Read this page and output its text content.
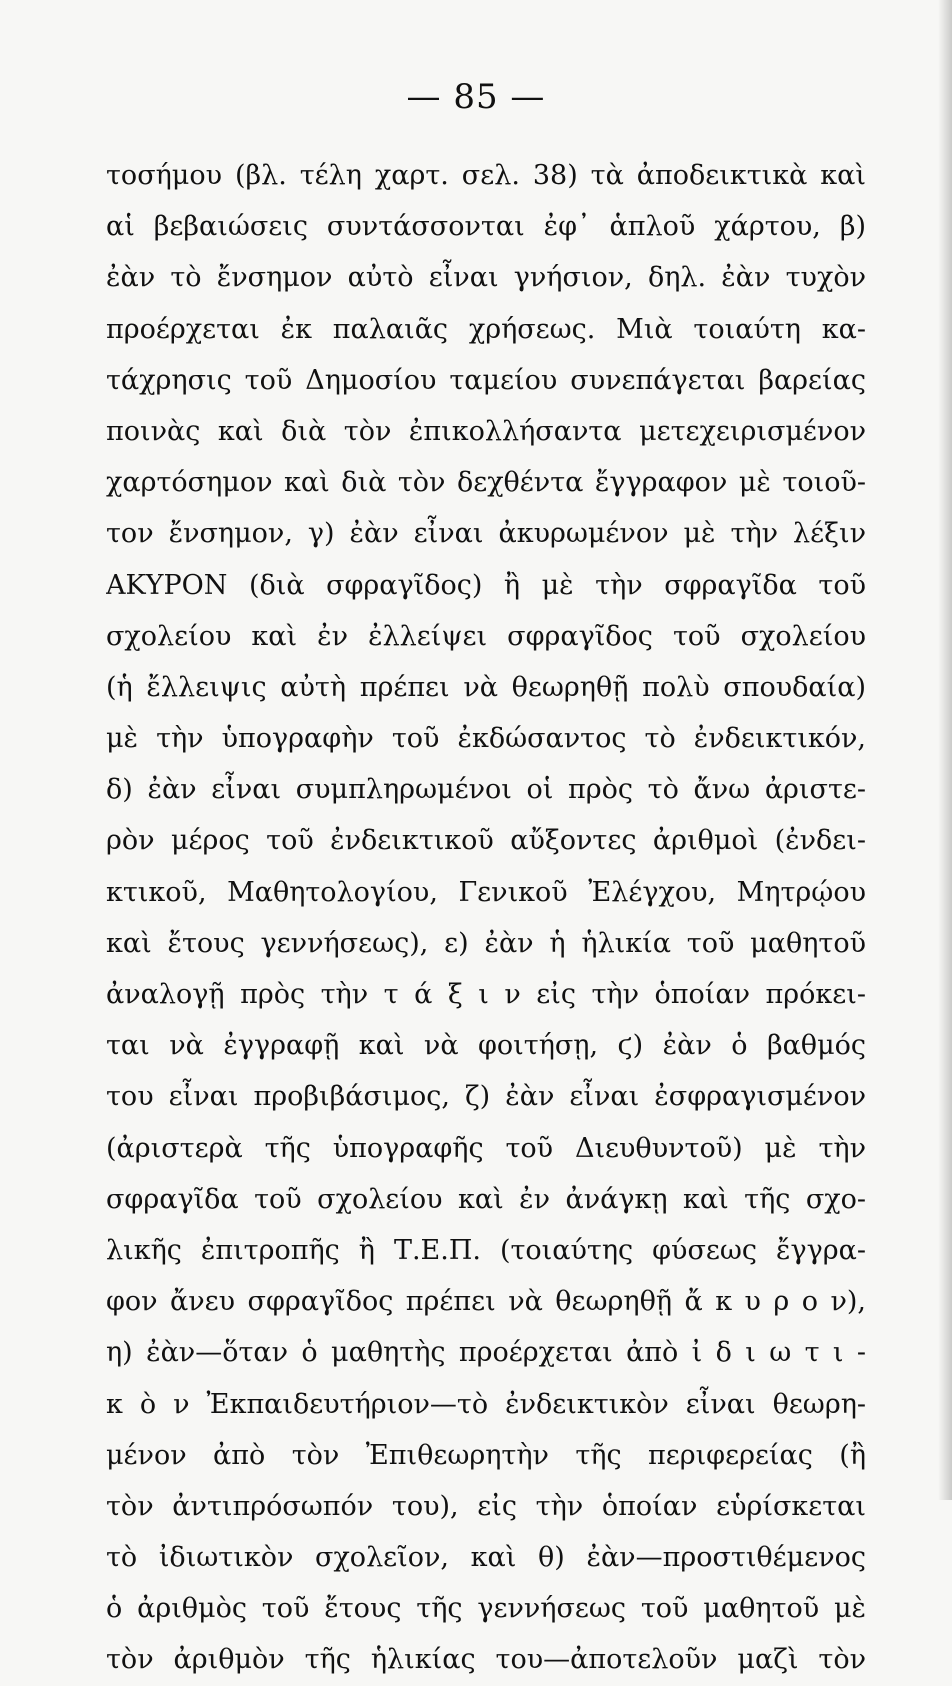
— 85 —
τοσήμου (βλ. τέλη χαρτ. σελ. 38) τὰ ἀποδεικτικὰ καὶ
αἱ βεβαιώσεις συντάσσονται ἐφ᾽ ἁπλοῦ χάρτου, β)
ἐὰν τὸ ἔνσημον αὐτὸ εἶναι γνήσιον, δηλ. ἐὰν τυχὸν
προέρχεται ἐκ παλαιᾶς χρήσεως. Μιὰ τοιαύτη κα-
τάχρησις τοῦ Δημοσίου ταμείου συνεπάγεται βαρείας
ποινὰς καὶ διὰ τὸν ἐπικολλήσαντα μετεχειρισμένον
χαρτόσημον καὶ διὰ τὸν δεχθέντα ἔγγραφον μὲ τοιοῦ-
τον ἔνσημον, γ) ἐὰν εἶναι ἀκυρωμένον μὲ τὴν λέξιν
ΑΚΥΡΟΝ (διὰ σφραγῖδος) ἢ μὲ τὴν σφραγῖδα τοῦ
σχολείου καὶ ἐν ἐλλείψει σφραγῖδος τοῦ σχολείου
(ἡ ἔλλειψις αὐτὴ πρέπει νὰ θεωρηθῇ πολὺ σπουδαία)
μὲ τὴν ὑπογραφὴν τοῦ ἐκδώσαντος τὸ ἐνδεικτικόν,
δ) ἐὰν εἶναι συμπληρωμένοι οἱ πρὸς τὸ ἄνω ἀριστε-
ρὸν μέρος τοῦ ἐνδεικτικοῦ αὔξοντες ἀριθμοὶ (ἐνδει-
κτικοῦ, Μαθητολογίου, Γενικοῦ Ἐλέγχου, Μητρῴου
καὶ ἔτους γεννήσεως), ε) ἐὰν ἡ ἡλικία τοῦ μαθητοῦ
ἀναλογῇ πρὸς τὴν τ ά ξ ι ν εἰς τὴν ὁποίαν πρόκει-
ται νὰ ἐγγραφῇ καὶ νὰ φοιτήσῃ, ϛ) ἐὰν ὁ βαθμός
του εἶναι προβιβάσιμος, ζ) ἐὰν εἶναι ἐσφραγισμένον
(ἀριστερὰ τῆς ὑπογραφῆς τοῦ Διευθυντοῦ) μὲ τὴν
σφραγῖδα τοῦ σχολείου καὶ ἐν ἀνάγκῃ καὶ τῆς σχο-
λικῆς ἐπιτροπῆς ἢ Τ.Ε.Π. (τοιαύτης φύσεως ἔγγρα-
φον ἄνευ σφραγῖδος πρέπει νὰ θεωρηθῇ ἄ κ υ ρ ο ν),
η) ἐὰν—ὅταν ὁ μαθητὴς προέρχεται ἀπὸ ἰ δ ι ω τ ι -
κ ὸ ν Ἐκπαιδευτήριον—τὸ ἐνδεικτικὸν εἶναι θεωρη-
μένον ἀπὸ τὸν Ἐπιθεωρητὴν τῆς περιφερείας (ἢ
τὸν ἀντιπρόσωπόν του), εἰς τὴν ὁποίαν εὑρίσκεται
τὸ ἰδιωτικὸν σχολεῖον, καὶ θ) ἐὰν—προστιθέμενος
ὁ ἀριθμὸς τοῦ ἔτους τῆς γεννήσεως τοῦ μαθητοῦ μὲ
τὸν ἀριθμὸν τῆς ἡλικίας του—ἀποτελοῦν μαζὶ τὸν
